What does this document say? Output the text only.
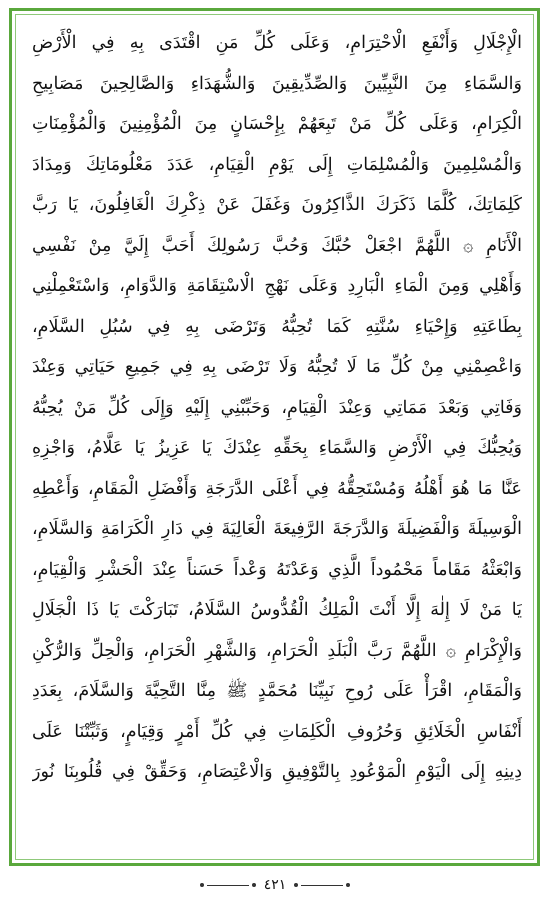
الْإِجْلَالِ وَأَنْفَعِ الْاحْتِرَامِ، وَعَلَى كُلِّ مَنِ اقْتَدَى بِهِ فِي الْأَرْضِ
وَالسَّمَاءِ مِنَ النَّبِيِّينَ وَالصِّدِّيقِينَ وَالشُّهَدَاءِ وَالصَّالِحِينَ مَصَابِيحِ
الْكِرَامِ، وَعَلَى كُلِّ مَنْ تَبِعَهُمْ بِإِحْسَانٍ مِنَ الْمُؤْمِنِينَ وَالْمُؤْمِنَاتِ
وَالْمُسْلِمِينَ وَالْمُسْلِمَاتِ إِلَى يَوْمِ الْقِيَامِ، عَدَدَ مَعْلُومَاتِكَ وَمِدَادَ
كَلِمَاتِكَ، كُلَّمَا ذَكَرَكَ الذَّاكِرُونَ وَغَفَلَ عَنْ ذِكْرِكَ الْغَافِلُونَ، يَا رَبَّ
الْأَنَامِ ۞ اللَّهُمَّ اجْعَلْ حُبَّكَ وَحُبَّ رَسُولِكَ أَحَبَّ إِلَيَّ مِنْ نَفْسِي
وَأَهْلِي وَمِنَ الْمَاءِ الْبَارِدِ وَعَلَى نَهْجِ الْاسْتِقَامَةِ وَالدَّوَامِ، وَاسْتَعْمِلْنِي
بِطَاعَتِهِ وَإِحْيَاءِ سُنَّتِهِ كَمَا تُحِبُّهُ وَتَرْضَى بِهِ فِي سُبُلِ السَّلَامِ،
وَاعْصِمْنِي مِنْ كُلِّ مَا لَا تُحِبُّهُ وَلَا تَرْضَى بِهِ فِي جَمِيعِ حَيَاتِي وَعِنْدَ
وَفَاتِي وَبَعْدَ مَمَاتِي وَعِنْدَ الْقِيَامِ، وَحَبِّبْنِي إِلَيْهِ وَإِلَى كُلِّ مَنْ يُحِبُّهُ
وَيُحِبُّكَ فِي الْأَرْضِ وَالسَّمَاءِ بِحَقِّهِ عِنْدَكَ يَا عَزِيزُ يَا عَلَّامُ، وَاجْزِهِ
عَنَّا مَا هُوَ أَهْلُهُ وَمُسْتَحِقُّهُ فِي أَعْلَى الدَّرَجَةِ وَأَفْضَلِ الْمَقَامِ، وَأَعْطِهِ
الْوَسِيلَةَ وَالْفَضِيلَةَ وَالدَّرَجَةَ الرَّفِيعَةَ الْعَالِيَةَ فِي دَارِ الْكَرَامَةِ وَالسَّلَامِ،
وَابْعَثْهُ مَقَاماً مَحْمُوداً الَّذِي وَعَدْتَهُ وَعْداً حَسَناً عِنْدَ الْحَشْرِ وَالْقِيَامِ،
يَا مَنْ لَا إِلٰهَ إِلَّا أَنْتَ الْمَلِكُ الْقُدُّوسُ السَّلَامُ، تَبَارَكْتَ يَا ذَا الْجَلَالِ
وَالْإِكْرَامِ ۞ اللَّهُمَّ رَبَّ الْبَلَدِ الْحَرَامِ، وَالشَّهْرِ الْحَرَامِ، وَالْحِلِّ وَالرُّكْنِ
وَالْمَقَامِ، اقْرَأْ عَلَى رُوحِ نَبِيِّنَا مُحَمَّدٍ ﷺ مِنَّا التَّحِيَّةَ وَالسَّلَامَ، بِعَدَدِ
أَنْفَاسِ الْخَلَائِقِ وَحُرُوفِ الْكَلِمَاتِ فِي كُلِّ أَمْرٍ وَقِيَامٍ، وَثَبِّتْنَا عَلَى
دِينِهِ إِلَى الْيَوْمِ الْمَوْعُودِ بِالتَّوْفِيقِ وَالْاعْتِصَامِ، وَحَقِّقْ فِي قُلُوبِنَا نُورَ
٤٢١
